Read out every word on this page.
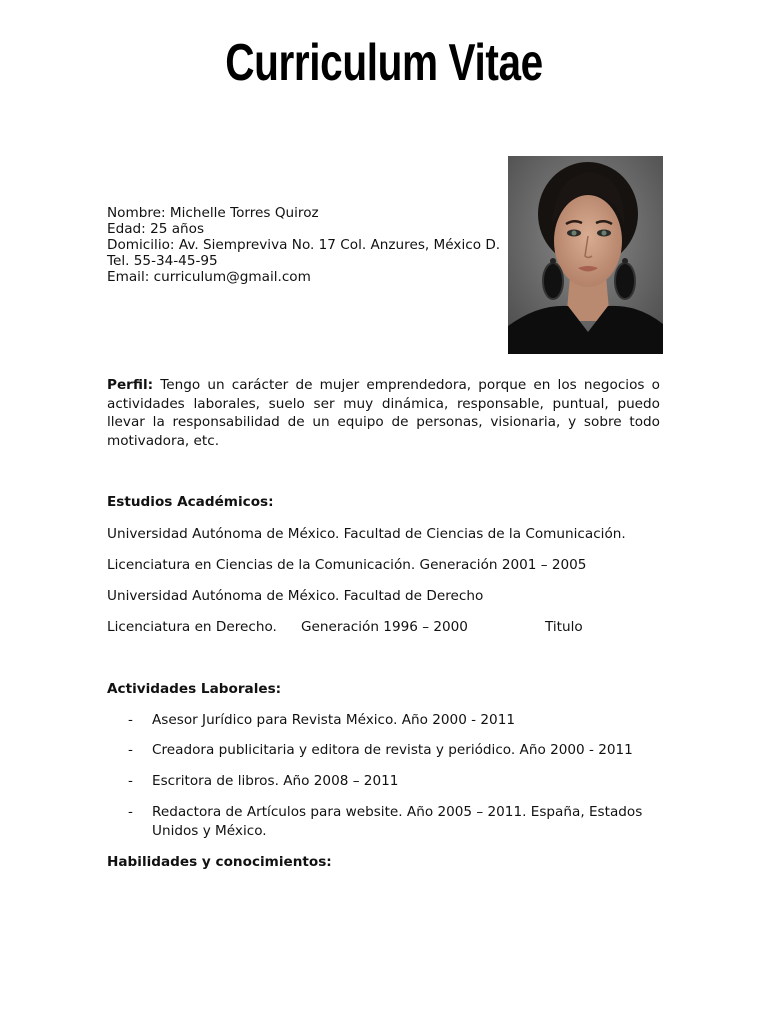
Curriculum Vitae
Nombre: Michelle Torres Quiroz
Edad: 25 años
Domicilio: Av. Siempreviva No. 17 Col. Anzures, México D.
Tel. 55-34-45-95
Email: curriculum@gmail.com
Perfil: Tengo un carácter de mujer emprendedora, porque en los negocios o actividades laborales, suelo ser muy dinámica, responsable, puntual, puedo llevar la responsabilidad de un equipo de personas, visionaria, y sobre todo motivadora, etc.
Estudios Académicos:
Universidad Autónoma de México. Facultad de Ciencias de la Comunicación.
Licenciatura en Ciencias de la Comunicación. Generación 2001 – 2005
Universidad Autónoma de México. Facultad de Derecho
Licenciatura en Derecho. Generación 1996 – 2000	Titulo
Actividades Laborales:
- Asesor Jurídico para Revista México. Año 2000 - 2011
- Creadora publicitaria y editora de revista y periódico. Año 2000 - 2011
- Escritora de libros. Año 2008 – 2011
- Redactora de Artículos para website. Año 2005 – 2011. España, Estados Unidos y México.
Habilidades y conocimientos:
